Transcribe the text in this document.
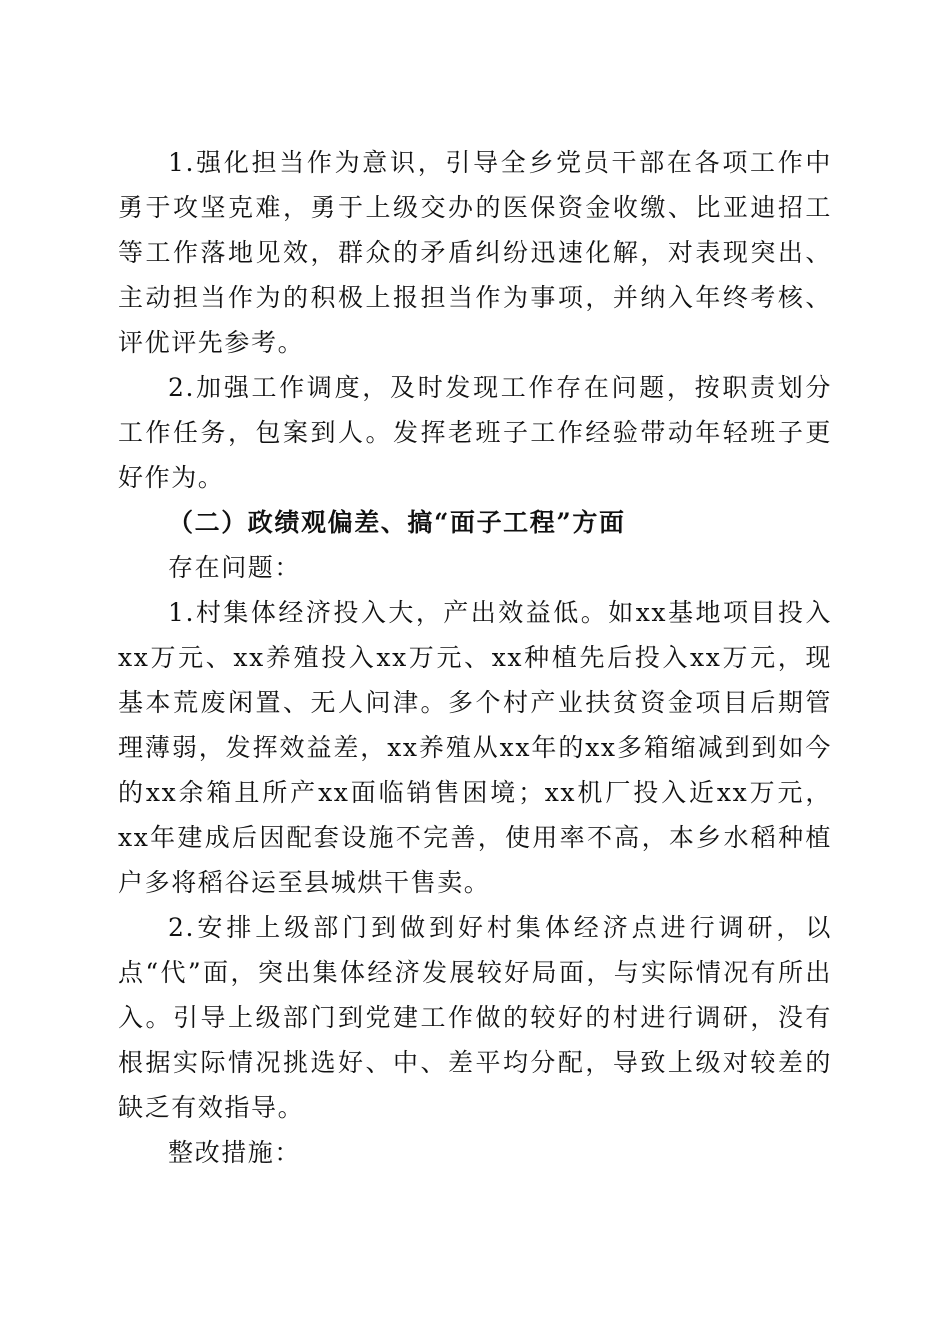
1.强化担当作为意识，引导全乡党员干部在各项工作中勇于攻坚克难，勇于上级交办的医保资金收缴、比亚迪招工等工作落地见效，群众的矛盾纠纷迅速化解，对表现突出、主动担当作为的积极上报担当作为事项，并纳入年终考核、评优评先参考。

2.加强工作调度，及时发现工作存在问题，按职责划分工作任务，包案到人。发挥老班子工作经验带动年轻班子更好作为。

（二）政绩观偏差、搞“面子工程”方面

存在问题：

1.村集体经济投入大，产出效益低。如xx基地项目投入xx万元、xx养殖投入xx万元、xx种植先后投入xx万元，现基本荒废闲置、无人问津。多个村产业扶贫资金项目后期管理薄弱，发挥效益差，xx养殖从xx年的xx多箱缩减到到如今的xx余箱且所产xx面临销售困境；xx机厂投入近xx万元，xx年建成后因配套设施不完善，使用率不高，本乡水稻种植户多将稻谷运至县城烘干售卖。

2.安排上级部门到做到好村集体经济点进行调研，以点“代”面，突出集体经济发展较好局面，与实际情况有所出入。引导上级部门到党建工作做的较好的村进行调研，没有根据实际情况挑选好、中、差平均分配，导致上级对较差的缺乏有效指导。

整改措施：
